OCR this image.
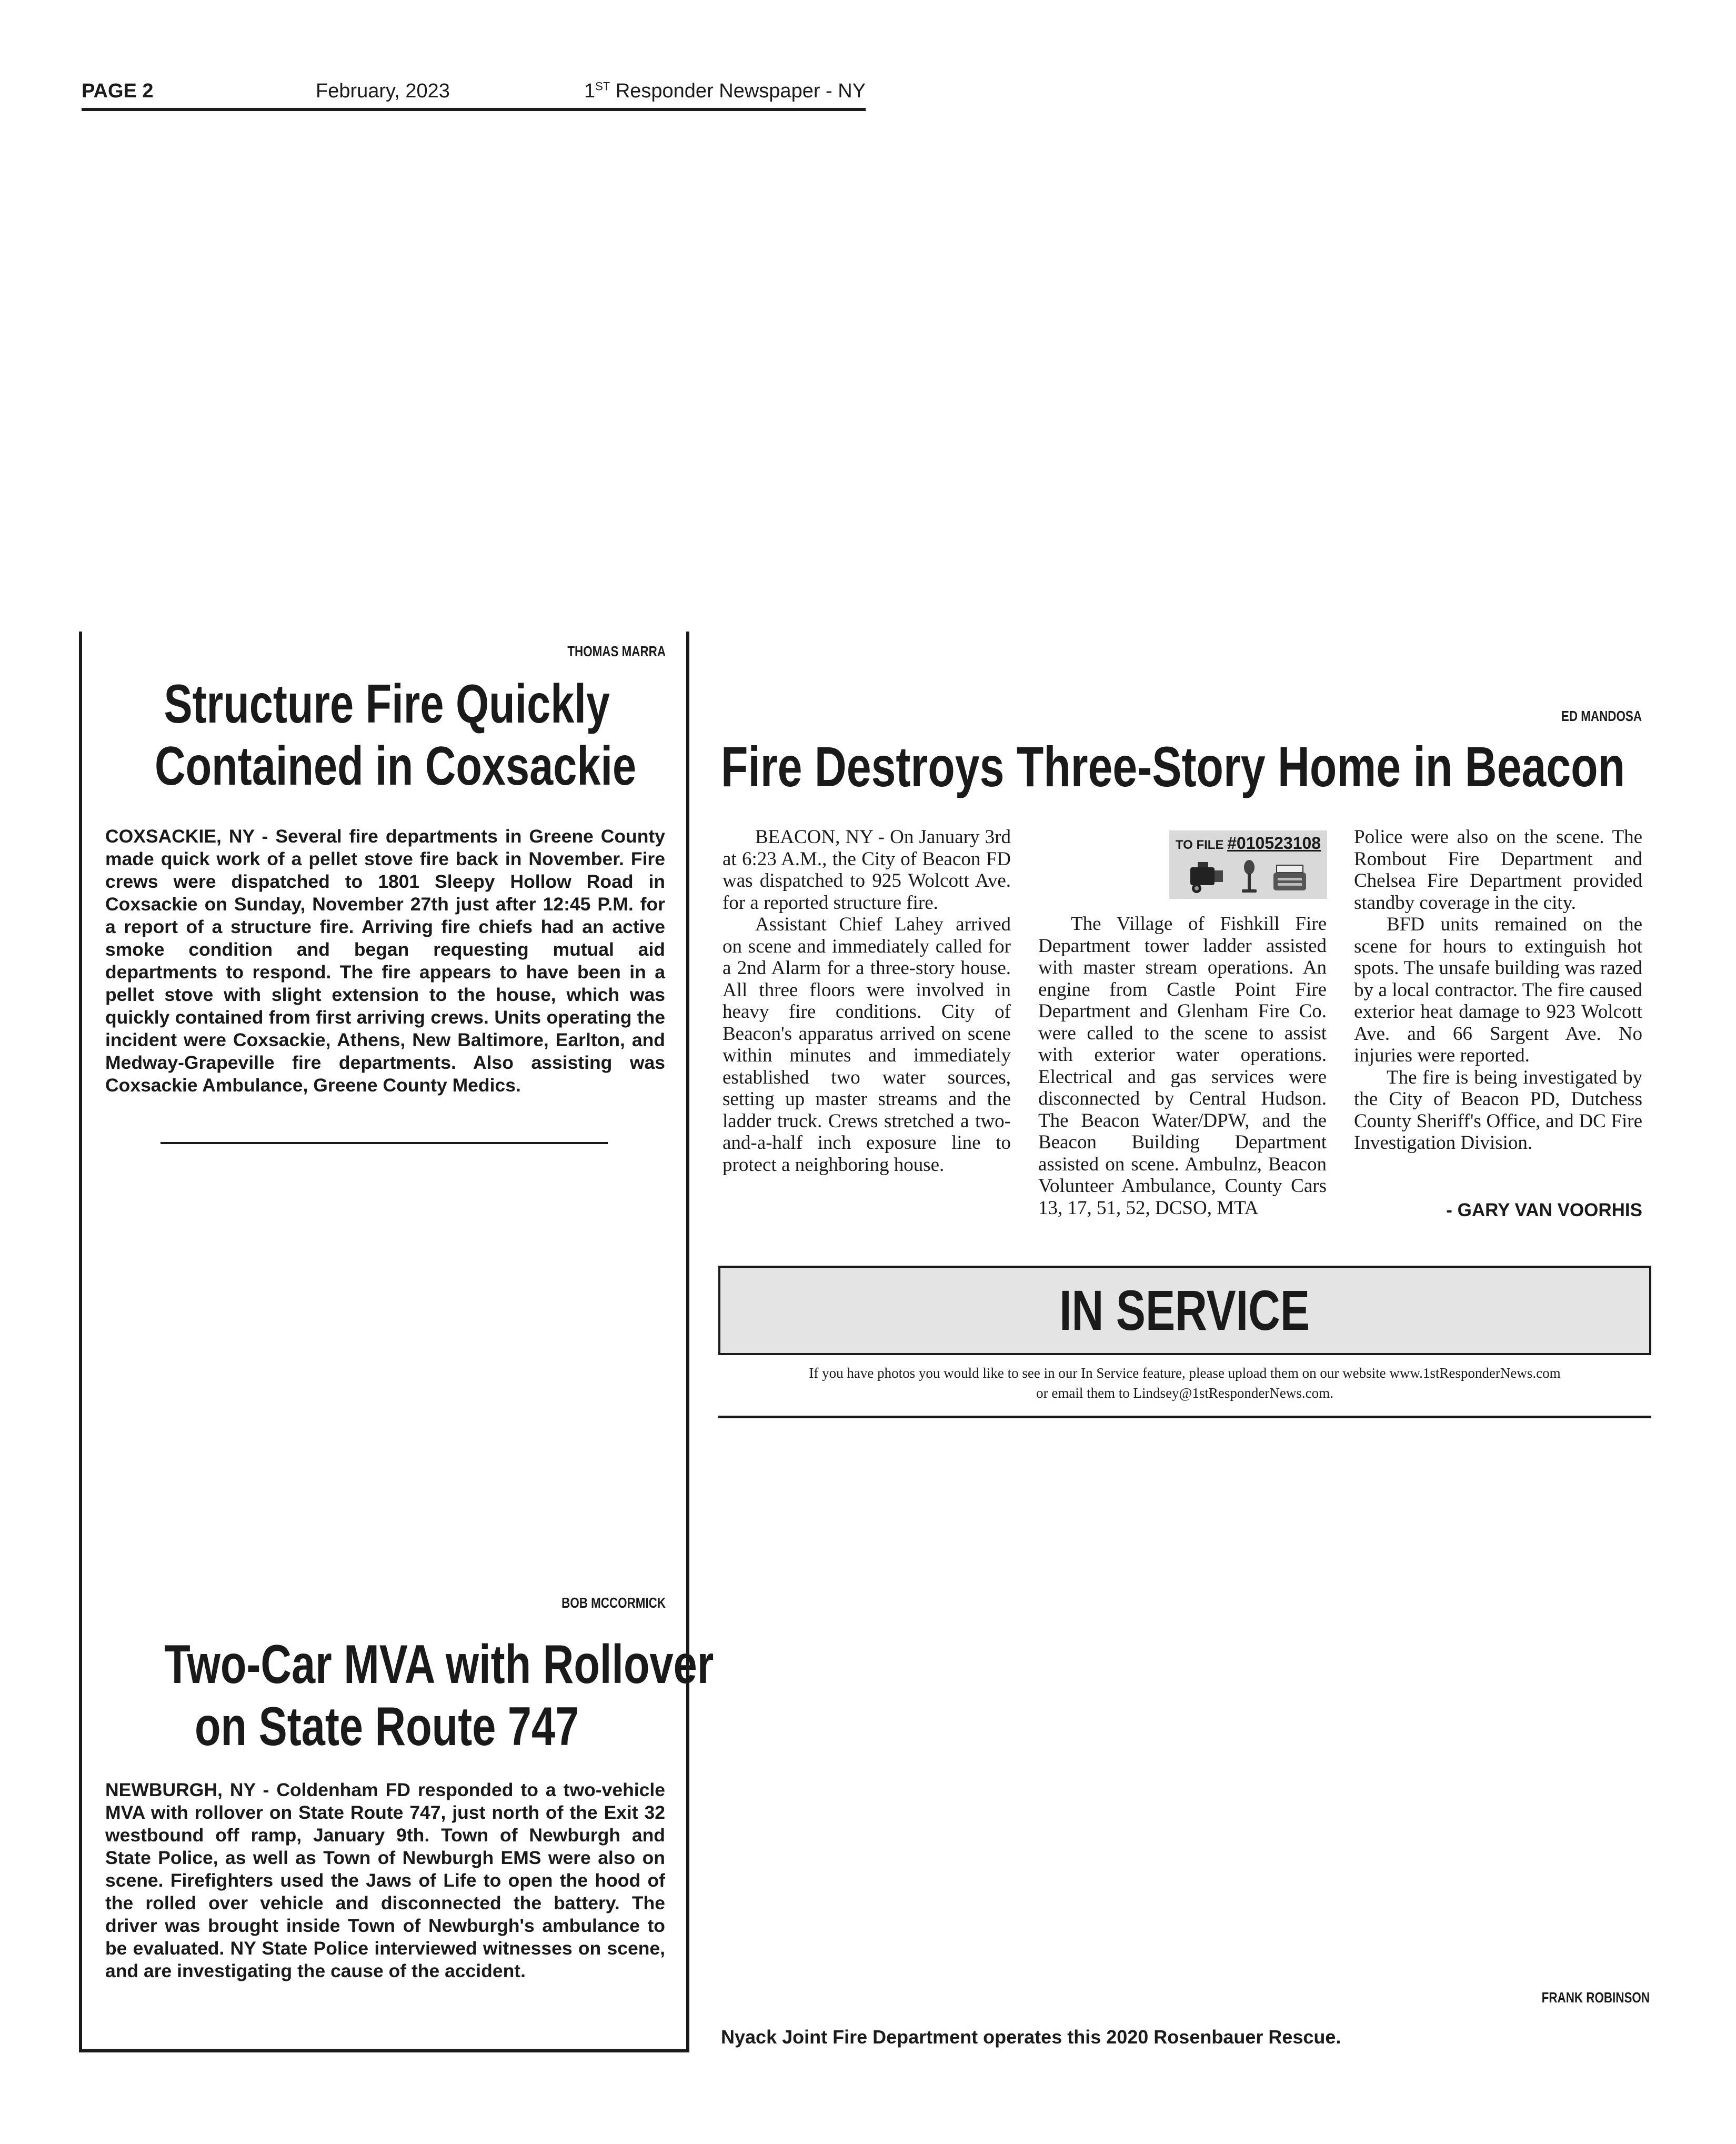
PAGE 2	February, 2023	1ST Responder Newspaper - NY
THOMAS MARRA
Structure Fire Quickly
Contained in Coxsackie
COXSACKIE, NY - Several fire departments in Greene County made quick work of a pellet stove fire back in November. Fire crews were dispatched to 1801 Sleepy Hollow Road in Coxsackie on Sunday, November 27th just after 12:45 P.M. for a report of a structure fire. Arriving fire chiefs had an active smoke condition and began requesting mutual aid departments to respond. The fire appears to have been in a pellet stove with slight extension to the house, which was quickly contained from first arriving crews. Units operating the incident were Coxsackie, Athens, New Baltimore, Earlton, and Medway-Grapeville fire departments. Also assisting was Coxsackie Ambulance, Greene County Medics.
BOB MCCORMICK
Two-Car MVA with Rollover
on State Route 747
NEWBURGH, NY - Coldenham FD responded to a two-vehicle MVA with rollover on State Route 747, just north of the Exit 32 westbound off ramp, January 9th. Town of Newburgh and State Police, as well as Town of Newburgh EMS were also on scene. Firefighters used the Jaws of Life to open the hood of the rolled over vehicle and disconnected the battery. The driver was brought inside Town of Newburgh's ambulance to be evaluated. NY State Police interviewed witnesses on scene, and are investigating the cause of the accident.
ED MANDOSA
Fire Destroys Three-Story Home in Beacon

BEACON, NY - On January 3rd at 6:23 A.M., the City of Beacon FD was dispatched to 925 Wolcott Ave. for a reported structure fire.

Assistant Chief Lahey arrived on scene and immediately called for a 2nd Alarm for a three-story house. All three floors were involved in heavy fire conditions. City of Beacon's apparatus arrived on scene within minutes and immediately established two water sources, setting up master streams and the ladder truck. Crews stretched a two-and-a-half inch exposure line to protect a neighboring house.

TO FILE #010523108

The Village of Fishkill Fire Department tower ladder assisted with master stream operations. An engine from Castle Point Fire Department and Glenham Fire Co. were called to the scene to assist with exterior water operations. Electrical and gas services were disconnected by Central Hudson. The Beacon Water/DPW, and the Beacon Building Department assisted on scene. Ambulnz, Beacon Volunteer Ambulance, County Cars 13, 17, 51, 52, DCSO, MTA

Police were also on the scene. The Rombout Fire Department and Chelsea Fire Department provided standby coverage in the city.

BFD units remained on the scene for hours to extinguish hot spots. The unsafe building was razed by a local contractor. The fire caused exterior heat damage to 923 Wolcott Ave. and 66 Sargent Ave. No injuries were reported.

The fire is being investigated by the City of Beacon PD, Dutchess County Sheriff's Office, and DC Fire Investigation Division.

- GARY VAN VOORHIS
IN SERVICE
If you have photos you would like to see in our In Service feature, please upload them on our website www.1stResponderNews.com
or email them to Lindsey@1stResponderNews.com.
FRANK ROBINSON
Nyack Joint Fire Department operates this 2020 Rosenbauer Rescue.
